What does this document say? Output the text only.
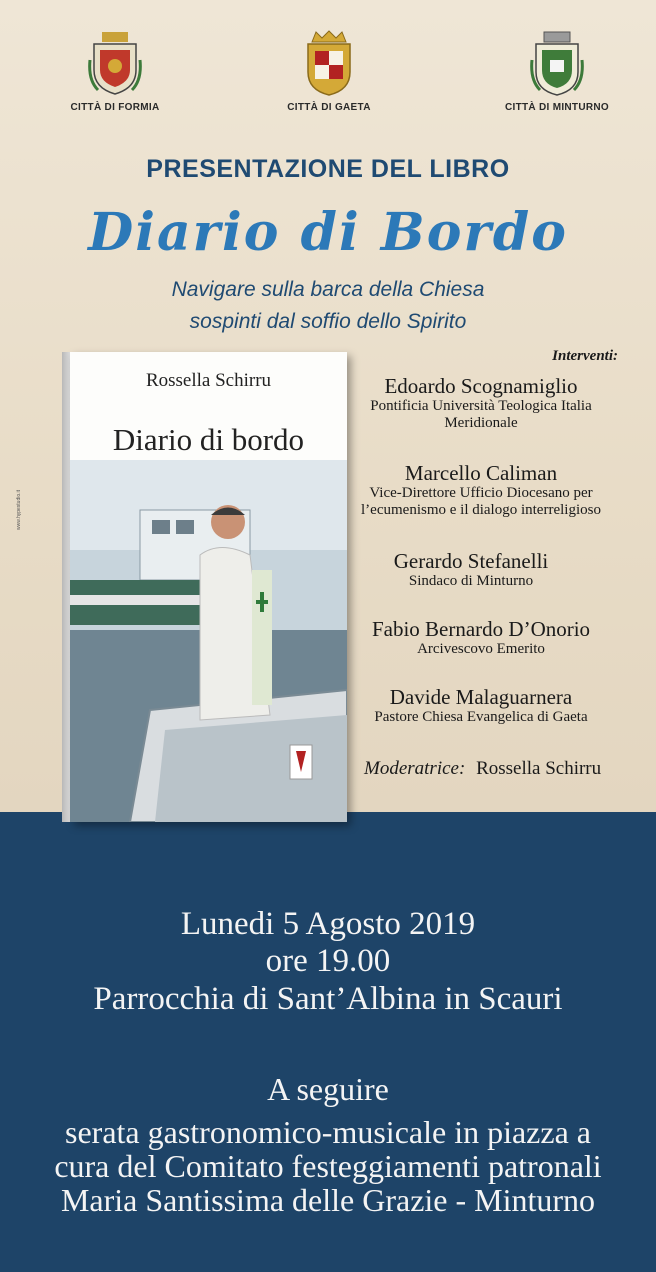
CITTÀ DI FORMIA	CITTÀ DI GAETA	CITTÀ DI MINTURNO
PRESENTAZIONE DEL LIBRO
Diario di Bordo
Navigare sulla barca della Chiesa
sospinti dal soffio dello Spirito
www.hypestudio.it
Rossella Schirru
Diario di bordo
Interventi:
Edoardo Scognamiglio
Pontificia Università Teologica Italia
Meridionale
Marcello Caliman
Vice-Direttore Ufficio Diocesano per
l’ecumenismo e il dialogo interreligioso
Gerardo Stefanelli
Sindaco di Minturno
Fabio Bernardo D’Onorio
Arcivescovo Emerito
Davide Malaguarnera
Pastore Chiesa Evangelica di Gaeta
Moderatrice: Rossella Schirru
Lunedi 5 Agosto 2019
ore 19.00
Parrocchia di Sant’Albina in Scauri
A seguire
serata gastronomico-musicale in piazza a
cura del Comitato festeggiamenti patronali
Maria Santissima delle Grazie - Minturno
